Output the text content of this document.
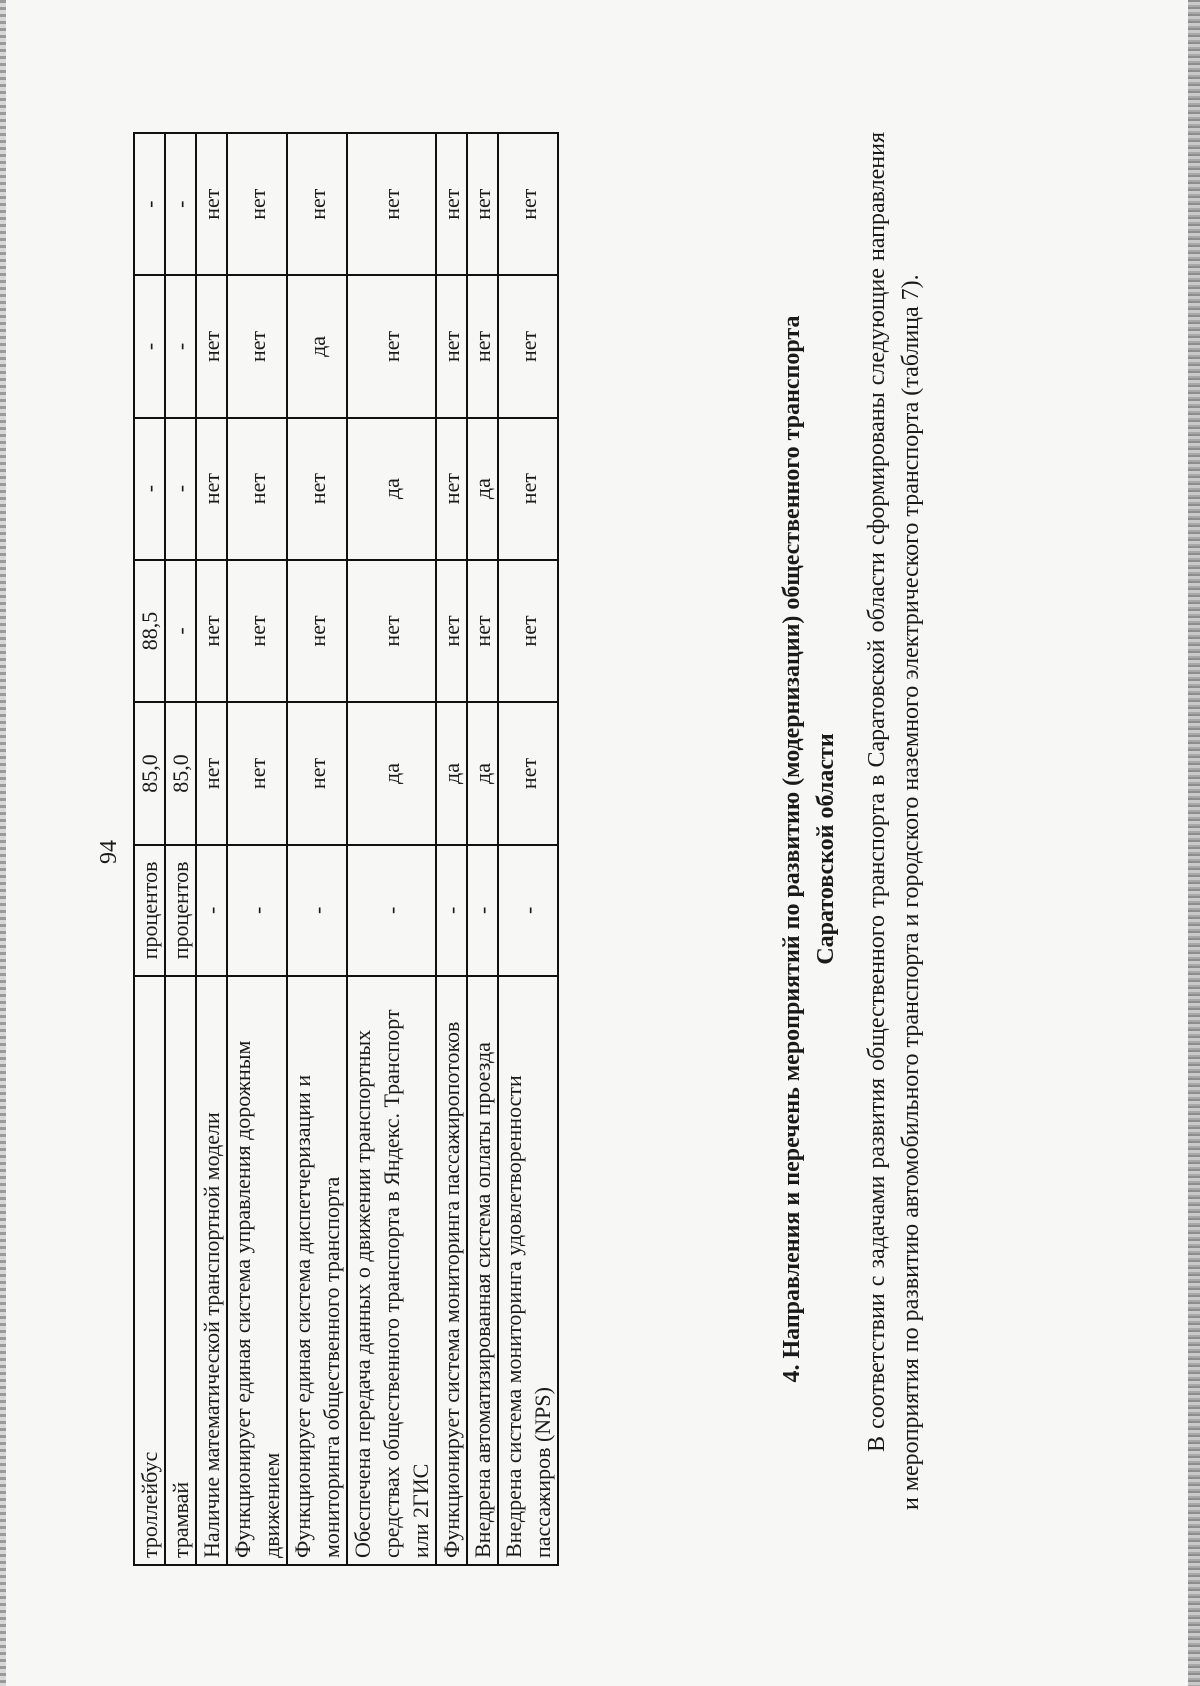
94
троллейбус	процентов	85,0	88,5	-	-	-
трамвай	процентов	85,0	-	-	-	-
Наличие математической транспортной модели	-	нет	нет	нет	нет	нет
Функционирует единая система управления дорожным движением	-	нет	нет	нет	нет	нет
Функционирует единая система диспетчеризации и мониторинга общественного транспорта	-	нет	нет	нет	да	нет
Обеспечена передача данных о движении транспортных средствах общественного транспорта в Яндекс. Транспорт или 2ГИС	-	да	нет	да	нет	нет
Функционирует система мониторинга пассажиропотоков	-	да	нет	нет	нет	нет
Внедрена автоматизированная система оплаты проезда	-	да	нет	да	нет	нет
Внедрена система мониторинга удовлетворенности пассажиров (NPS)	-	нет	нет	нет	нет	нет
4. Направления и перечень мероприятий по развитию (модернизации) общественного транспорта Саратовской области В соответствии с задачами развития общественного транспорта в Саратовской области сформированы следующие направления и мероприятия по развитию автомобильного транспорта и городского наземного электрического транспорта (таблица 7).
